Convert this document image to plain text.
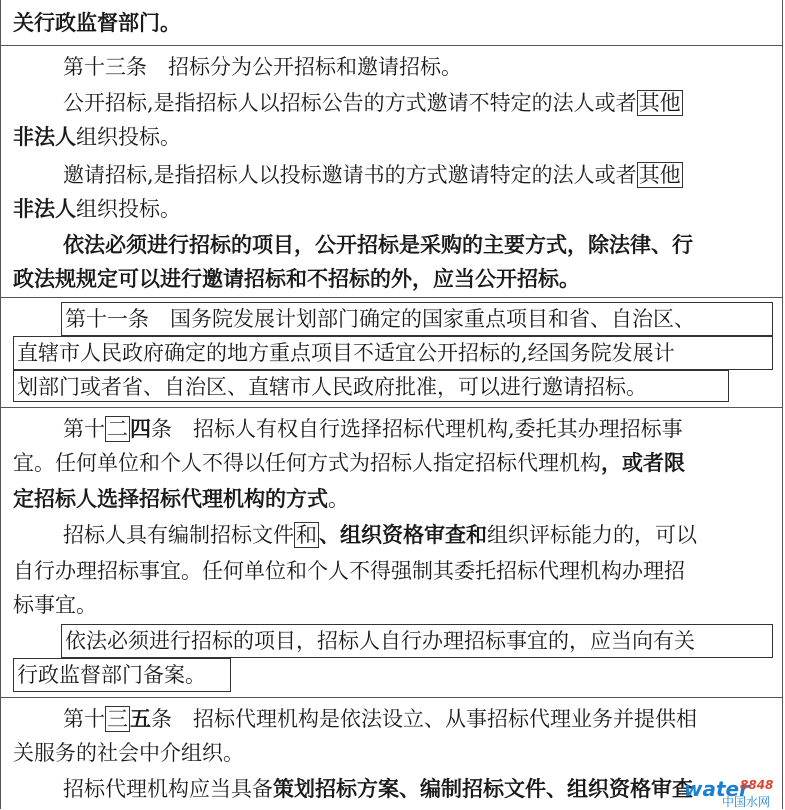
关行政监督部门。
第十三条　招标分为公开招标和邀请招标。
公开招标,是指招标人以招标公告的方式邀请不特定的法人或者其他
非法人组织投标。
邀请招标,是指招标人以投标邀请书的方式邀请特定的法人或者其他
非法人组织投标。
依法必须进行招标的项目，公开招标是采购的主要方式，除法律、行
政法规规定可以进行邀请招标和不招标的外，应当公开招标。
第十一条　国务院发展计划部门确定的国家重点项目和省、自治区、
直辖市人民政府确定的地方重点项目不适宜公开招标的,经国务院发展计
划部门或者省、自治区、直辖市人民政府批准，可以进行邀请招标。
第十二四条　招标人有权自行选择招标代理机构,委托其办理招标事
宜。任何单位和个人不得以任何方式为招标人指定招标代理机构，或者限
定招标人选择招标代理机构的方式。
招标人具有编制招标文件和、组织资格审查和组织评标能力的，可以
自行办理招标事宜。任何单位和个人不得强制其委托招标代理机构办理招
标事宜。
依法必须进行招标的项目，招标人自行办理招标事宜的，应当向有关
行政监督部门备案。
第十三五条　招标代理机构是依法设立、从事招标代理业务并提供相
关服务的社会中介组织。
招标代理机构应当具备策划招标方案、编制招标文件、组织资格审查
water
8848
中国水网
